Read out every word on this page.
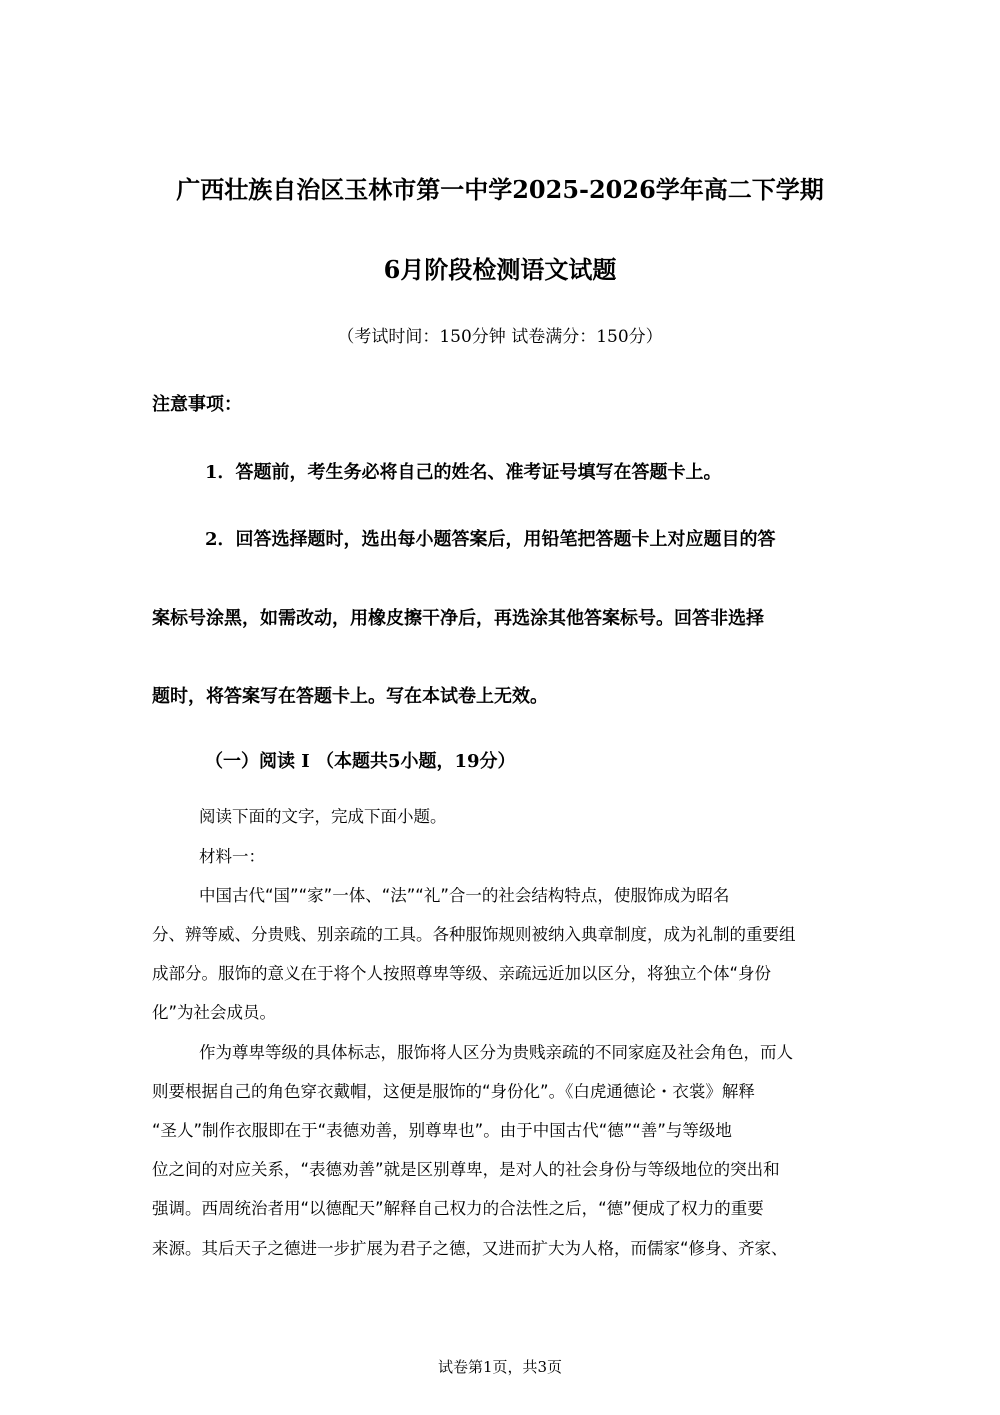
广西壮族自治区玉林市第一中学2025-2026学年高二下学期
6月阶段检测语文试题
（考试时间：150分钟 试卷满分：150分）
注意事项：
1．答题前，考生务必将自己的姓名、准考证号填写在答题卡上。
2．回答选择题时，选出每小题答案后，用铅笔把答题卡上对应题目的答
案标号涂黑，如需改动，用橡皮擦干净后，再选涂其他答案标号。回答非选择
题时，将答案写在答题卡上。写在本试卷上无效。
（一）阅读 I （本题共5小题，19分）
阅读下面的文字，完成下面小题。
材料一：
中国古代“国”“家”一体、“法”“礼”合一的社会结构特点，使服饰成为昭名
分、辨等威、分贵贱、别亲疏的工具。各种服饰规则被纳入典章制度，成为礼制的重要组
成部分。服饰的意义在于将个人按照尊卑等级、亲疏远近加以区分，将独立个体“身份
化”为社会成员。
作为尊卑等级的具体标志，服饰将人区分为贵贱亲疏的不同家庭及社会角色，而人
则要根据自己的角色穿衣戴帽，这便是服饰的“身份化”。《白虎通德论・衣裳》解释
“圣人”制作衣服即在于“表德劝善，别尊卑也”。由于中国古代“德”“善”与等级地
位之间的对应关系，“表德劝善”就是区别尊卑，是对人的社会身份与等级地位的突出和
强调。西周统治者用“以德配天”解释自己权力的合法性之后，“德”便成了权力的重要
来源。其后天子之德进一步扩展为君子之德，又进而扩大为人格，而儒家“修身、齐家、
试卷第1页，共3页
